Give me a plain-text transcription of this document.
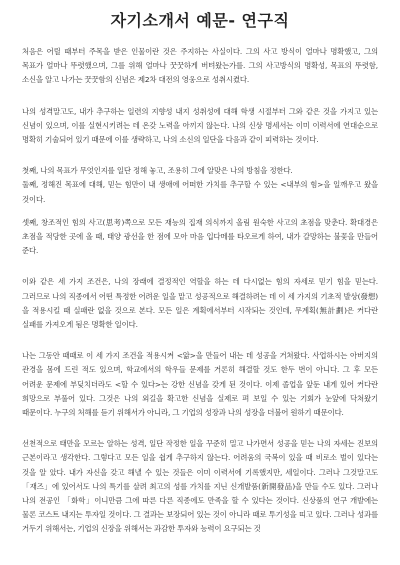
자기소개서 예문- 연구직

처음은 어릴 때부터 주목을 받은 인물이란 것은 주지하는 사실이다. 그의 사고 방식이 얼마나 명확했고, 그의 목표가 얼마나 뚜렷했으며, 그를 위해 얼마나 꿋꿋하게 버텨왔는가를. 그의 사고방식의 명확성, 목표의 뚜렷함, 소신을 알고 나가는 꿋꿋함의 신념은 제2차 대전의 영웅으로 성취시켰다.

나의 성격말고도, 내가 추구하는 일련의 지향성 내지 성취성에 대해 학생 시절부터 그와 같은 것을 가지고 있는 신념이 있으며, 이를 실현시키려는 데 온갖 노력을 아끼지 않는다. 나의 신상 명세서는 이미 이력서에 연대순으로 명확히 기술되어 있기 때문에 이를 생략하고, 나의 소신의 일단을 다음과 같이 피력하는 것이다.

첫째, 나의 목표가 무엇인지를 일단 정해 놓고, 조용히 그에 알맞은 나의 방침을 정한다.

둘째, 정해진 목표에 대해, 믿는 힘만이 내 생애에 어떠한 가치를 추구할 수 있는 <내부의 힘>을 일깨우고 왔을 것이다.

셋째, 창조적인 힘의 사고(思考)쪽으로 모든 재능의 집재 의식까지 올림 원숙한 사고의 초점을 맞춘다. 확대경은 초점을 적당한 곳에 올 때, 태양 광선을 한 점에 모아 마음 입다메를 타오르게 하여, 내가 갈망하는 불꽃을 만들어 준다.

이와 같은 세 가지 조건은, 나의 장래에 결정적인 역할을 하는 데 다시없는 힘의 자세로 믿기 힘을 믿는다. 그러므로 나의 직종에서 어떤 특정한 어려운 일을 맡고 성공적으로 해결하려는 데 이 세 가지의 기초적 발상(發想)을 적용시킬 때 실패란 없을 것으로 본다. 모든 일은 계획에서부터 시작되는 것인데, 무계획(無計劃)은 커다란 실패를 가져오게 됨은 명확한 일이다.

나는 그동안 때때로 이 세 가지 조건을 적용시켜 <앎>을 만들어 내는 데 성공을 거쳐왔다. 사업하시는 아버지의 관경을 몸에 드린 적도 있으며, 학교에서의 학우들 문제를 거론히 해결할 것도 한두 번이 아니다. 그 후 모든 어려운 문제에 부딪치더라도 <할 수 있다>는 강한 신념을 갖게 된 것이다. 이제 졸업을 앞둔 내게 있어 커다란 희망으로 부풀어 있다. 그것은 나의 외길을 확고한 신념을 실제로 펴 보일 수 있는 기회가 눈앞에 닥쳐왔기 때문이다. 누구의 처해를 듣기 위해서가 아니라, 그 기업의 성장과 나의 성장을 더불어 원하기 때문이다.

선천적으로 태만을 모르는 알하는 성격, 일단 작정한 일을 꾸준히 밀고 나가면서 성공을 믿는 나의 자세는 진보의 근본이라고 생각한다. 그렇다고 모든 일을 쉽게 추구하지 않는다. 어려움의 국복이 있을 때 비로소 벌이 있다는 것을 알 았다. 내가 자신을 갖고 해낼 수 있는 것들은 이미 이력서에 기록했지만, 세일이다. 그러나 그것말고도 「재즈」에 있어서도 나의 특기를 살려 최고의 성를 가치를 지닌 신개발품(新開發品)을 만들 수도 있다. 그러나 나의 전공인 「화학」이니만큼 그에 따른 다른 직종에도 만족을 할 수 있다는 것이다. 신상품의 연구 개발에는 물론 코스트 내지는 투자일 것이다. 그 결과는 보장되어 있는 것이 아니라 때로 투기성을 띠고 있다. 그러나 성과를 거두기 위해서는, 기업의 신장을 위해서는 과감한 투자와 능력이 요구되는 것
